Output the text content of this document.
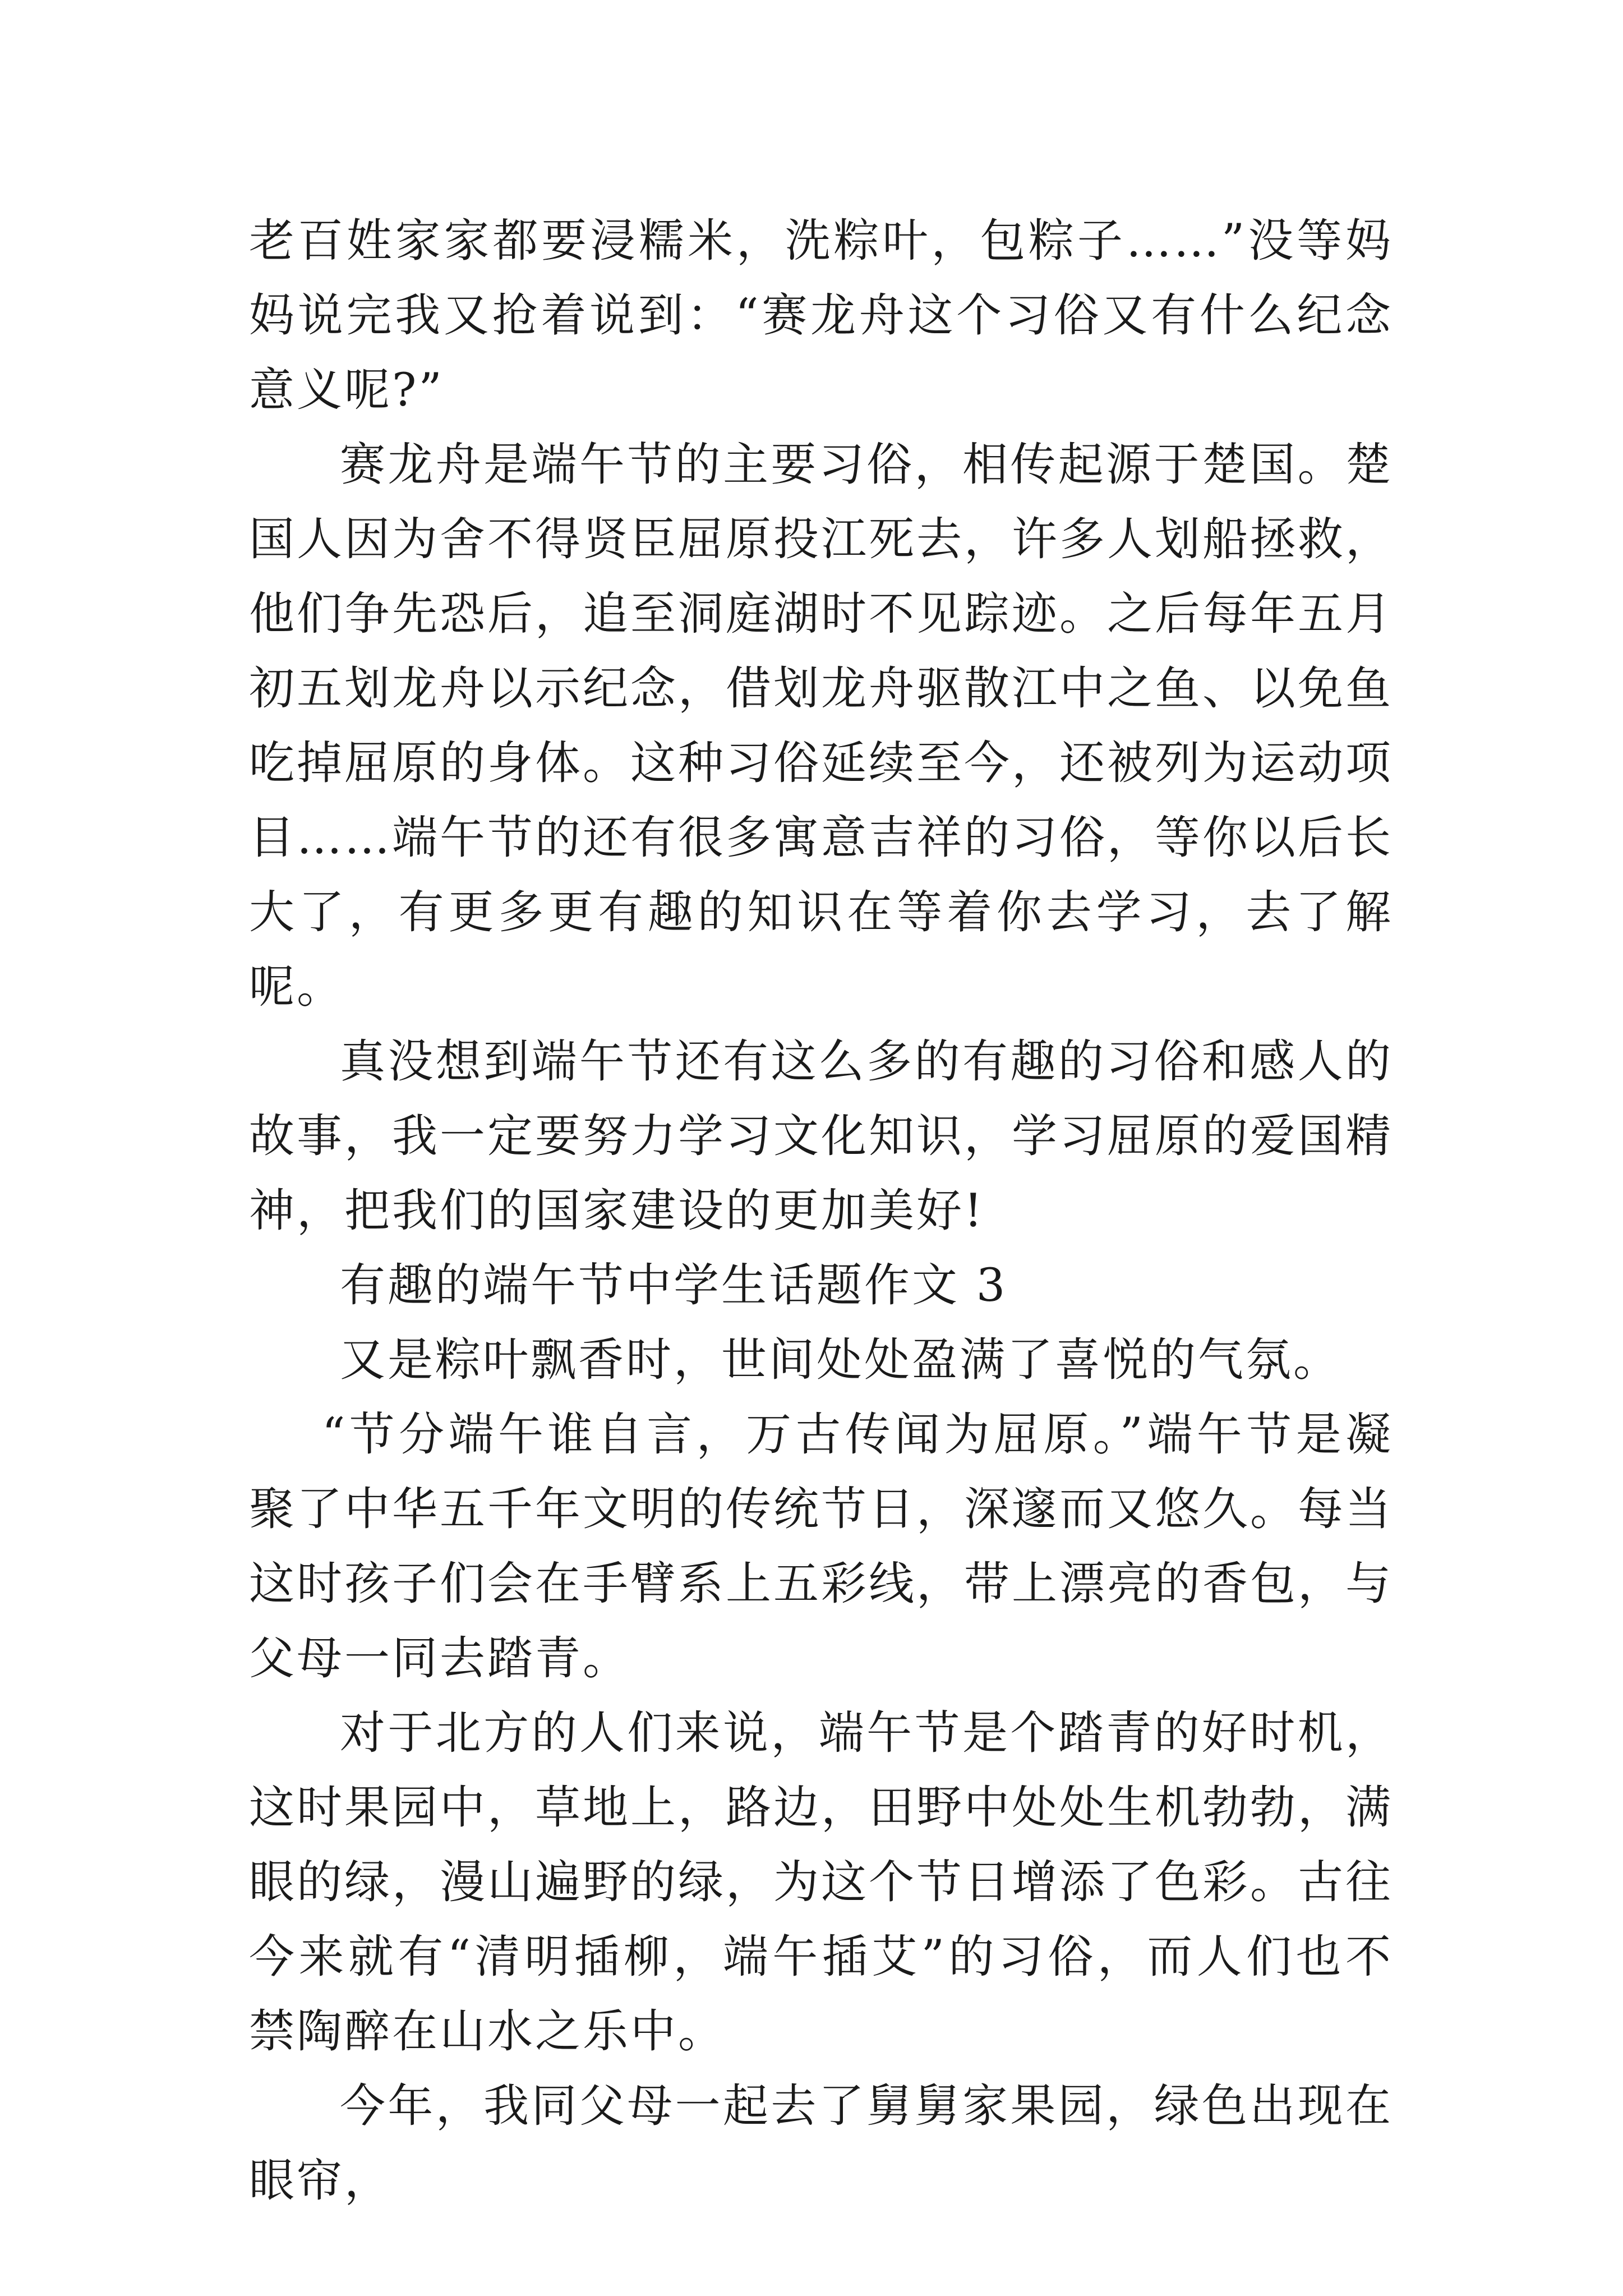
老百姓家家都要浸糯米，洗粽叶，包粽子……”没等妈妈说完我又抢着说到：“赛龙舟这个习俗又有什么纪念意义呢?”

赛龙舟是端午节的主要习俗，相传起源于楚国。楚国人因为舍不得贤臣屈原投江死去，许多人划船拯救，他们争先恐后，追至洞庭湖时不见踪迹。之后每年五月初五划龙舟以示纪念，借划龙舟驱散江中之鱼、以免鱼吃掉屈原的身体。这种习俗延续至今，还被列为运动项目……端午节的还有很多寓意吉祥的习俗，等你以后长大了，有更多更有趣的知识在等着你去学习，去了解呢。

真没想到端午节还有这么多的有趣的习俗和感人的故事，我一定要努力学习文化知识，学习屈原的爱国精神，把我们的国家建设的更加美好!

有趣的端午节中学生话题作文 3

又是粽叶飘香时，世间处处盈满了喜悦的气氛。

“节分端午谁自言，万古传闻为屈原。”端午节是凝聚了中华五千年文明的传统节日，深邃而又悠久。每当这时孩子们会在手臂系上五彩线，带上漂亮的香包，与父母一同去踏青。

对于北方的人们来说，端午节是个踏青的好时机，这时果园中，草地上，路边，田野中处处生机勃勃，满眼的绿，漫山遍野的绿，为这个节日增添了色彩。古往今来就有“清明插柳，端午插艾”的习俗，而人们也不禁陶醉在山水之乐中。

今年，我同父母一起去了舅舅家果园，绿色出现在眼帘，
